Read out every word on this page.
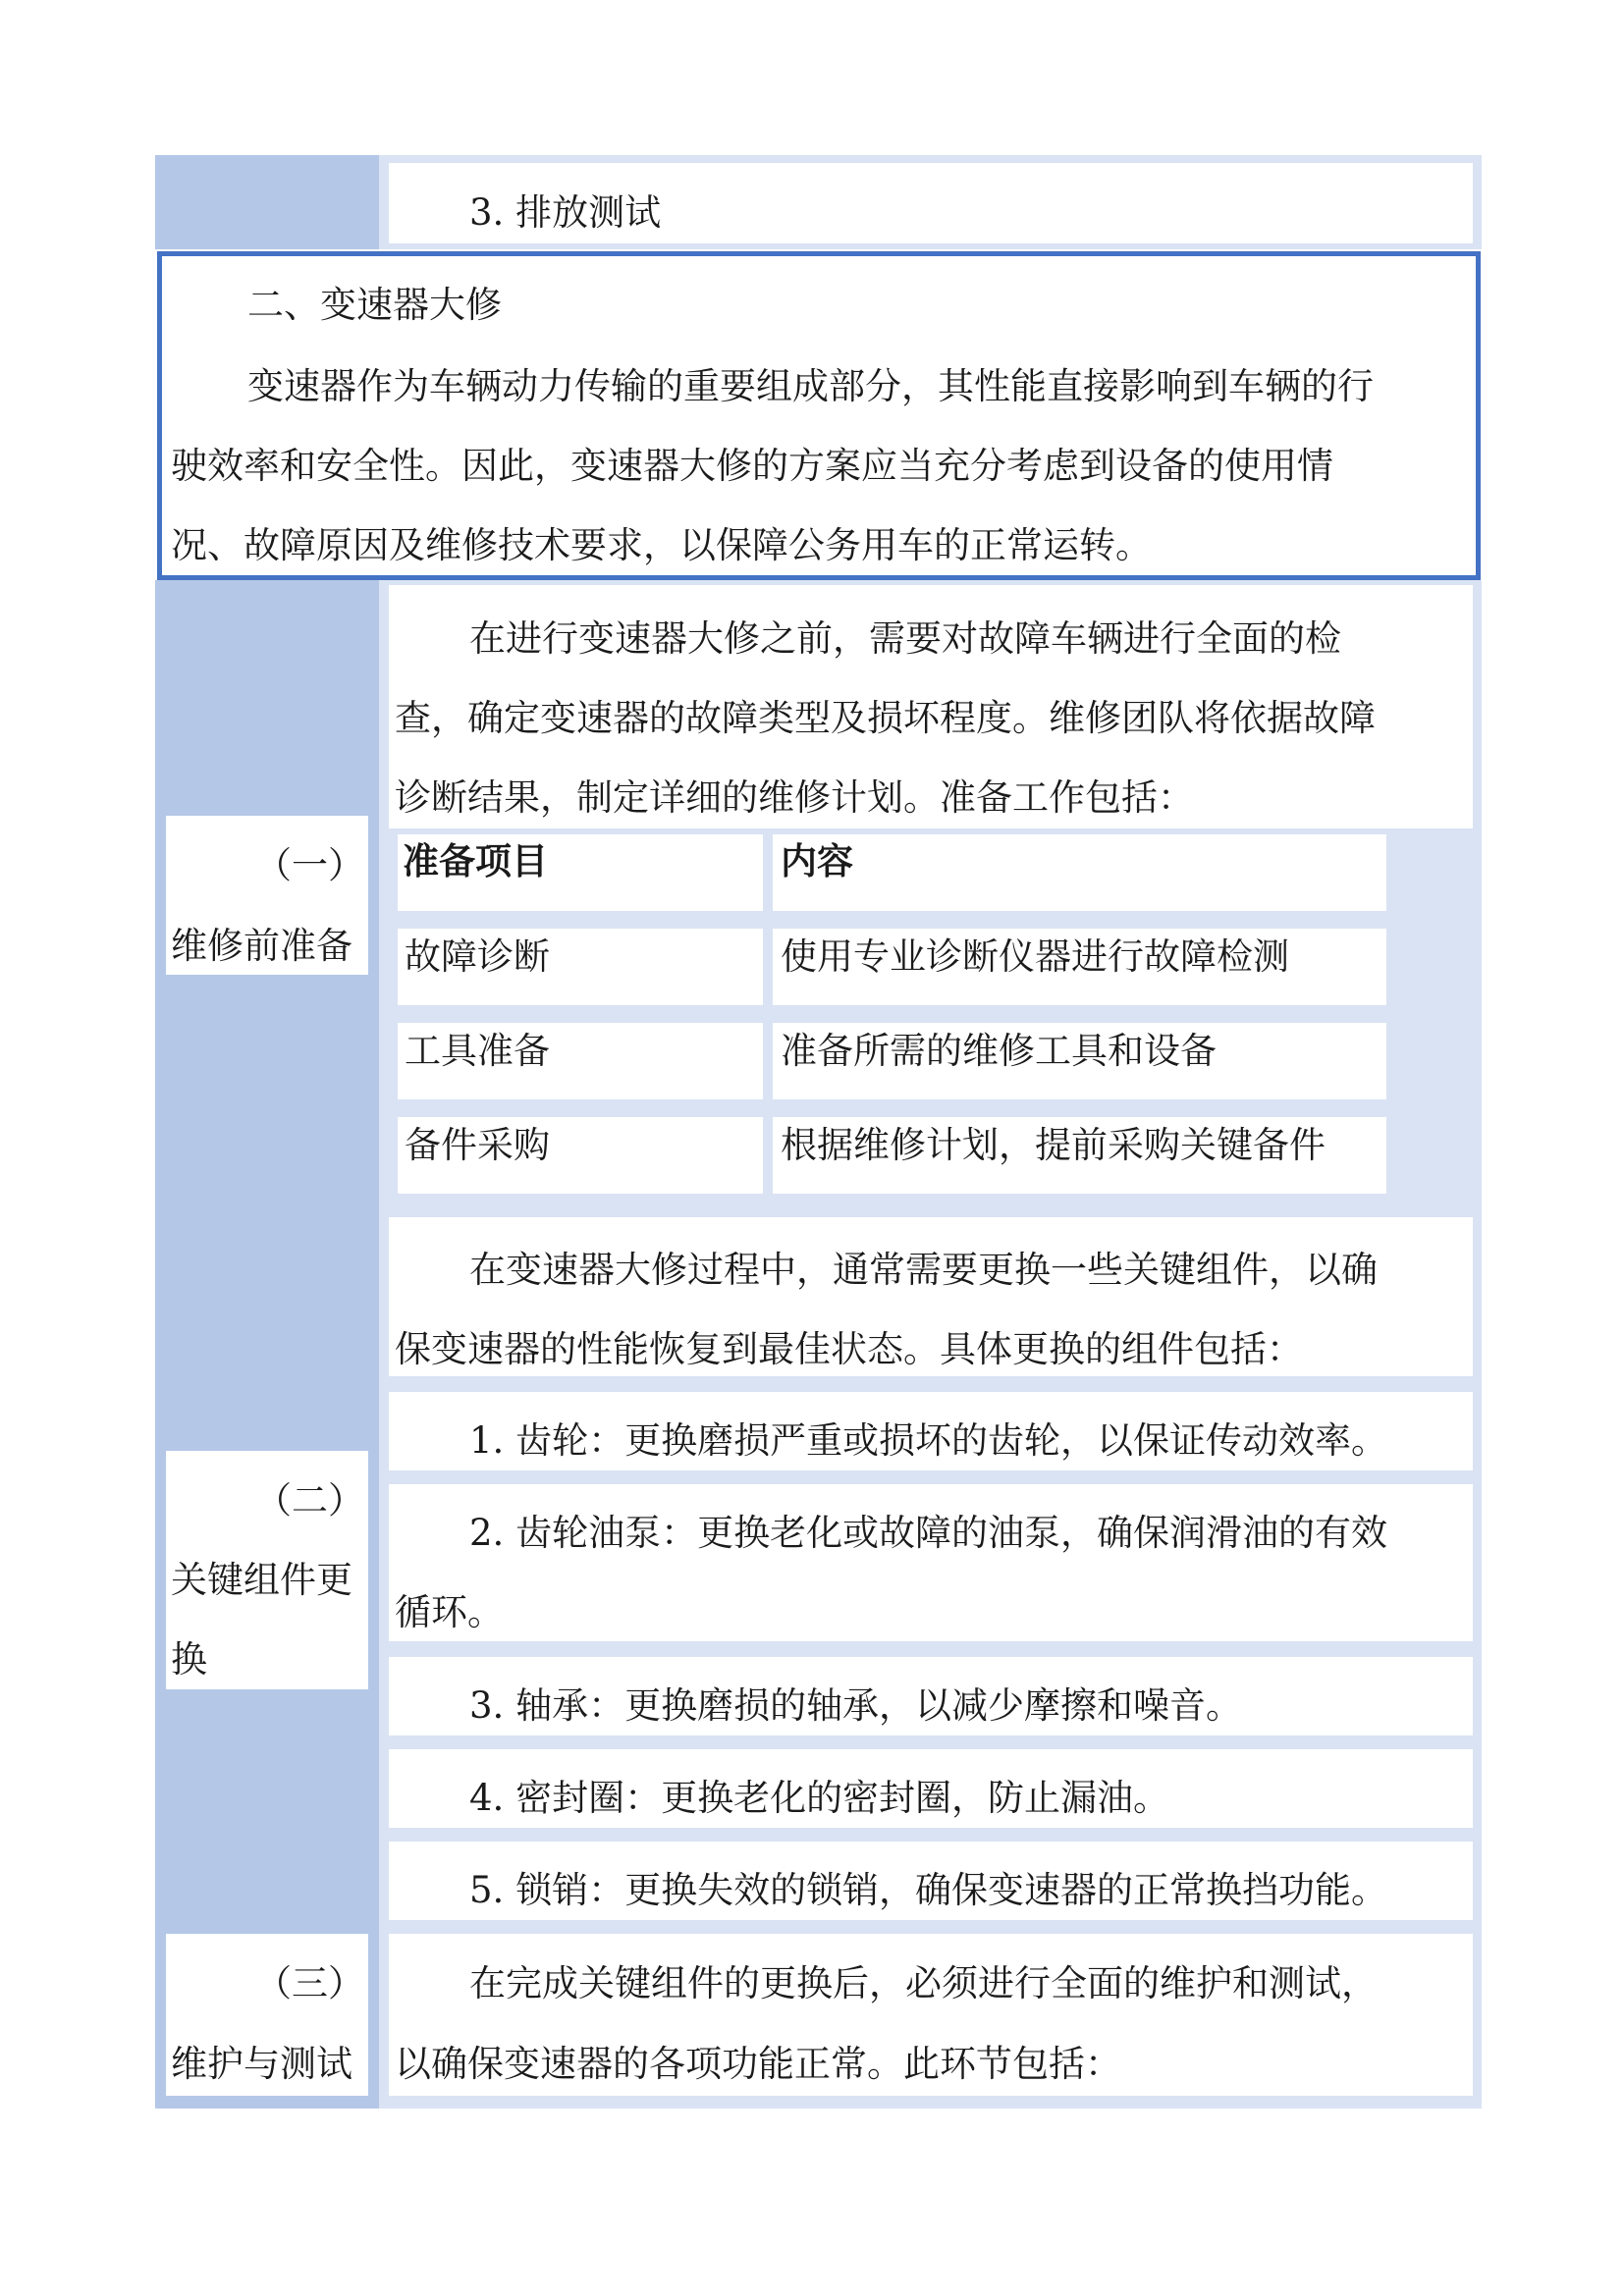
3. 排放测试
二、变速器大修
变速器作为车辆动力传输的重要组成部分，其性能直接影响到车辆的行
驶效率和安全性。因此，变速器大修的方案应当充分考虑到设备的使用情
况、故障原因及维修技术要求，以保障公务用车的正常运转。
在进行变速器大修之前，需要对故障车辆进行全面的检
查，确定变速器的故障类型及损坏程度。维修团队将依据故障
诊断结果，制定详细的维修计划。准备工作包括：
（一）
维修前准备
准备项目	内容
故障诊断	使用专业诊断仪器进行故障检测
工具准备	准备所需的维修工具和设备
备件采购	根据维修计划，提前采购关键备件
在变速器大修过程中，通常需要更换一些关键组件，以确
保变速器的性能恢复到最佳状态。具体更换的组件包括：
（二）
关键组件更
换
1. 齿轮：更换磨损严重或损坏的齿轮，以保证传动效率。
2. 齿轮油泵：更换老化或故障的油泵，确保润滑油的有效
循环。
3. 轴承：更换磨损的轴承，以减少摩擦和噪音。
4. 密封圈：更换老化的密封圈，防止漏油。
5. 锁销：更换失效的锁销，确保变速器的正常换挡功能。
（三）
维护与测试
在完成关键组件的更换后，必须进行全面的维护和测试，
以确保变速器的各项功能正常。此环节包括：
